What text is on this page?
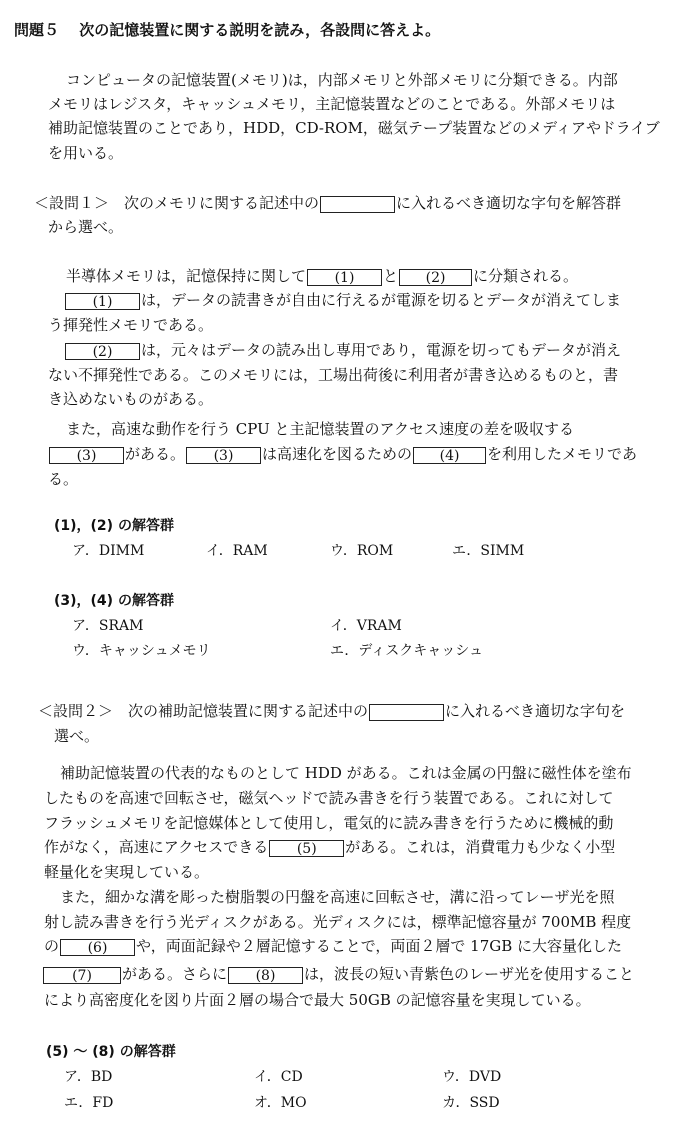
問題５　 次の記憶装置に関する説明を読み，各設問に答えよ。
コンピュータの記憶装置(メモリ)は，内部メモリと外部メモリに分類できる。内部
メモリはレジスタ，キャッシュメモリ，主記憶装置などのことである。外部メモリは
補助記憶装置のことであり，HDD，CD-ROM，磁気テープ装置などのメディアやドライブ
を用いる。
＜設問１＞　次のメモリに関する記述中の	に入れるべき適切な字句を解答群
から選べ。
半導体メモリは，記憶保持に関して (1) と (2) に分類される。
(1) は，データの読書きが自由に行えるが電源を切るとデータが消えてしま
う揮発性メモリである。
(2) は，元々はデータの読み出し専用であり，電源を切ってもデータが消え
ない不揮発性である。このメモリには，工場出荷後に利用者が書き込めるものと，書
き込めないものがある。
また，高速な動作を行う CPU と主記憶装置のアクセス速度の差を吸収する
(3) がある。 (3) は高速化を図るための (4) を利用したメモリであ
る。
(1)，(2) の解答群
ア．DIMM	イ．RAM	ウ．ROM	エ．SIMM
(3)，(4) の解答群
ア．SRAM	イ．VRAM
ウ．キャッシュメモリ	エ．ディスクキャッシュ
＜設問２＞　次の補助記憶装置に関する記述中の	に入れるべき適切な字句を
選べ。
補助記憶装置の代表的なものとして HDD がある。これは金属の円盤に磁性体を塗布
したものを高速で回転させ，磁気ヘッドで読み書きを行う装置である。これに対して
フラッシュメモリを記憶媒体として使用し，電気的に読み書きを行うために機械的動
作がなく，高速にアクセスできる (5) がある。これは，消費電力も少なく小型
軽量化を実現している。
また，細かな溝を彫った樹脂製の円盤を高速に回転させ，溝に沿ってレーザ光を照
射し読み書きを行う光ディスクがある。光ディスクには，標準記憶容量が 700MB 程度
の (6) や，両面記録や２層記憶することで，両面２層で 17GB に大容量化した
(7) がある。さらに (8) は，波長の短い青紫色のレーザ光を使用すること
により高密度化を図り片面２層の場合で最大 50GB の記憶容量を実現している。
(5) ～ (8) の解答群
ア．BD	イ．CD	ウ．DVD
エ．FD	オ．MO	カ．SSD
